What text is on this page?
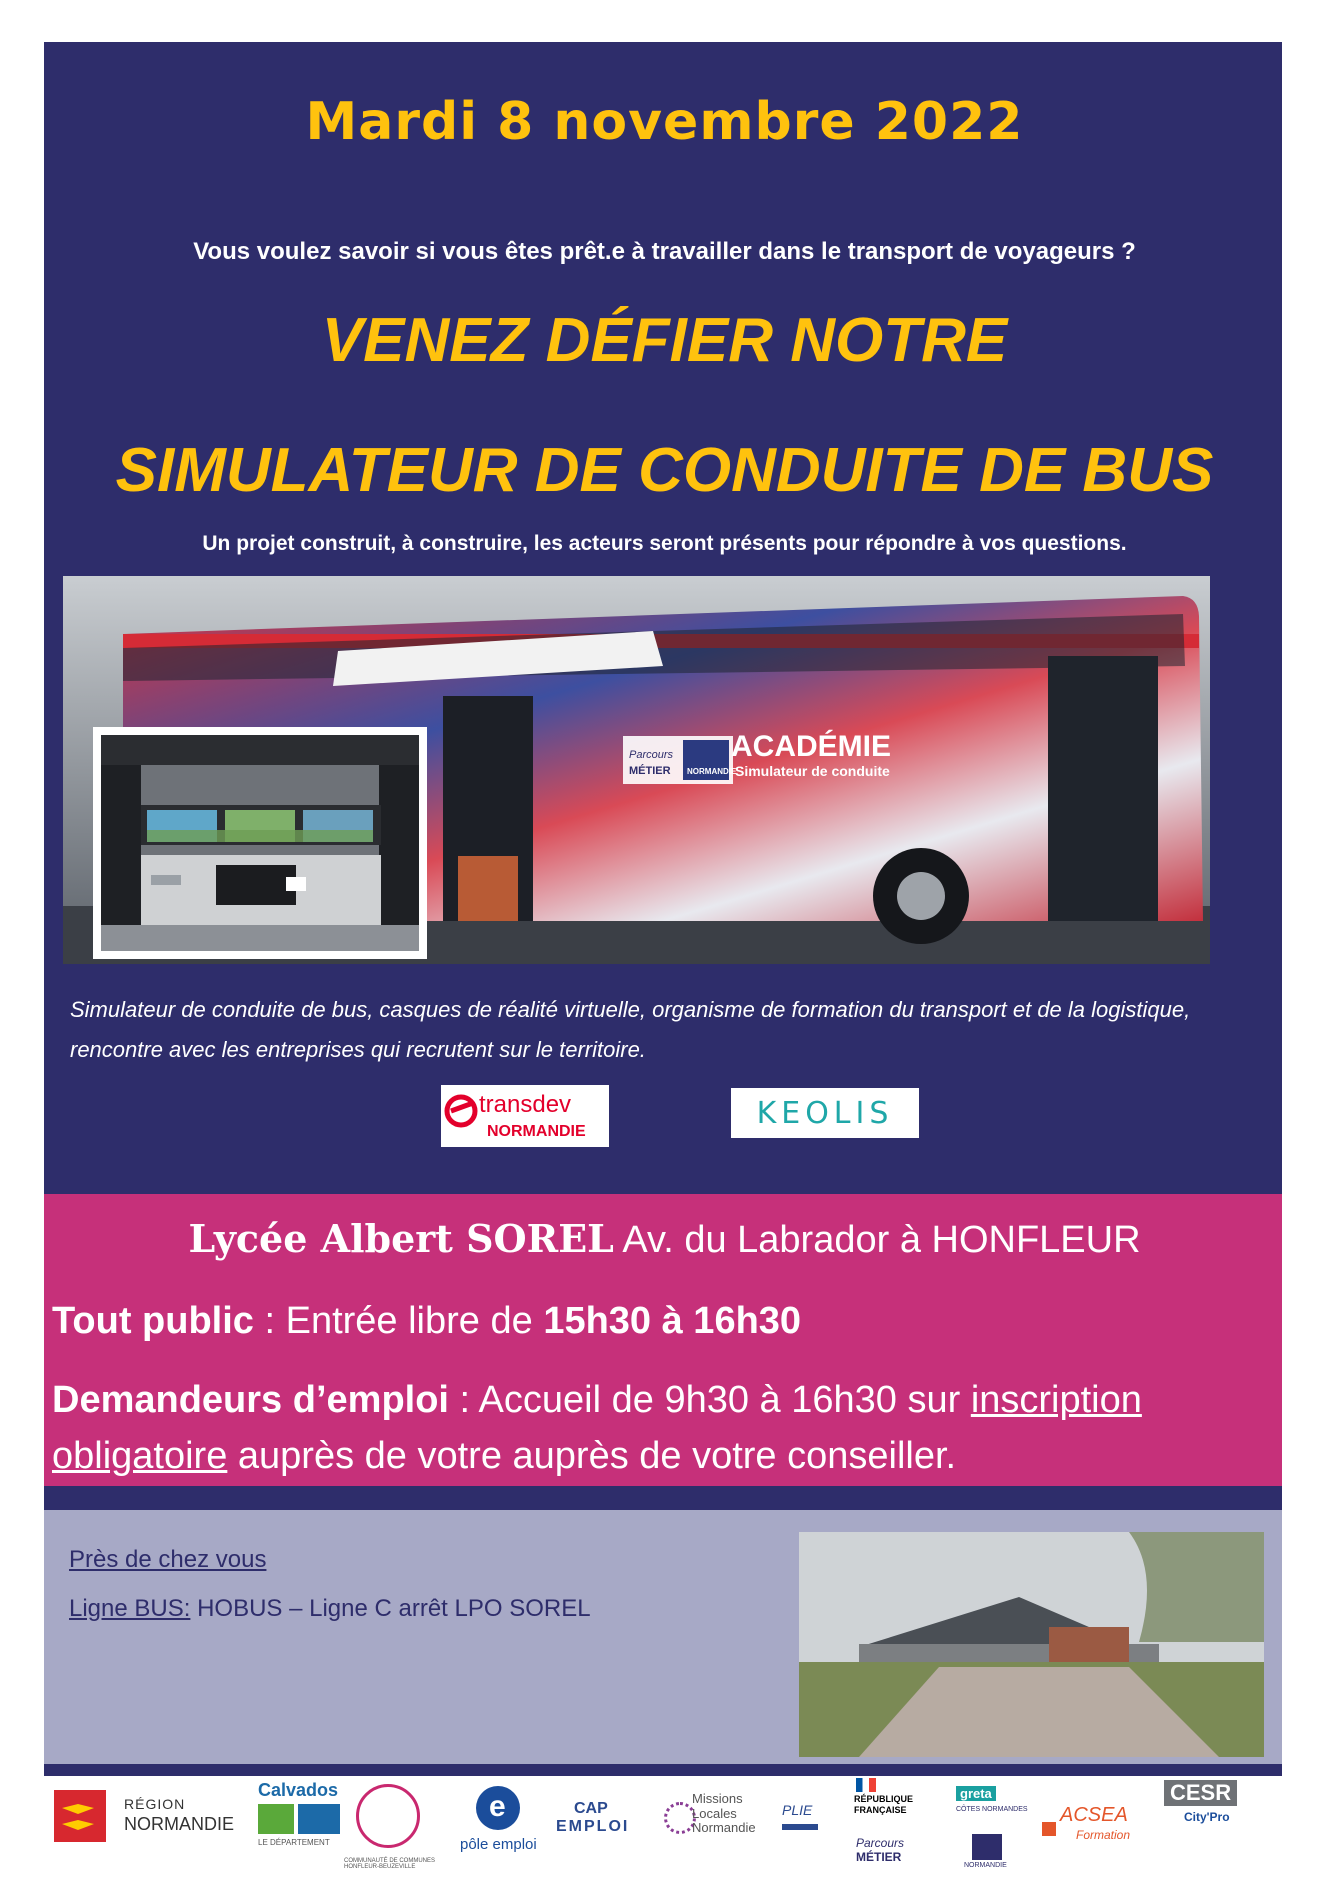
Mardi 8 novembre 2022
Vous voulez savoir si vous êtes prêt.e à travailler dans le transport de voyageurs ?
VENEZ DÉFIER NOTRE
SIMULATEUR DE CONDUITE DE BUS
Un projet construit, à construire, les acteurs seront présents pour répondre à vos questions.
Parcours
MÉTIER NORMANDIE
ACADÉMIE
Simulateur de conduite
Simulateur de conduite de bus, casques de réalité virtuelle, organisme de formation du transport et de la logistique, rencontre avec les entreprises qui recrutent sur le territoire.
transdev
NORMANDIE
KEOLIS
Lycée Albert SOREL Av. du Labrador à HONFLEUR
Tout public : Entrée libre de 15h30 à 16h30
Demandeurs d’emploi : Accueil de 9h30 à 16h30 sur inscription obligatoire auprès de votre auprès de votre conseiller.
Près de chez vous
Ligne BUS: HOBUS – Ligne C arrêt LPO SOREL
RÉGION
NORMANDIE
Calvados
LE DÉPARTEMENT
COMMUNAUTÉ DE COMMUNES HONFLEUR-BEUZEVILLE
e
pôle emploi
CAP
EMPLOI
Missions
Locales
Normandie
PLIE
RÉPUBLIQUE
FRANÇAISE
Parcours
MÉTIER
greta
CÔTES NORMANDES
NORMANDIE
ACSEA
Formation
CESR
City'Pro
